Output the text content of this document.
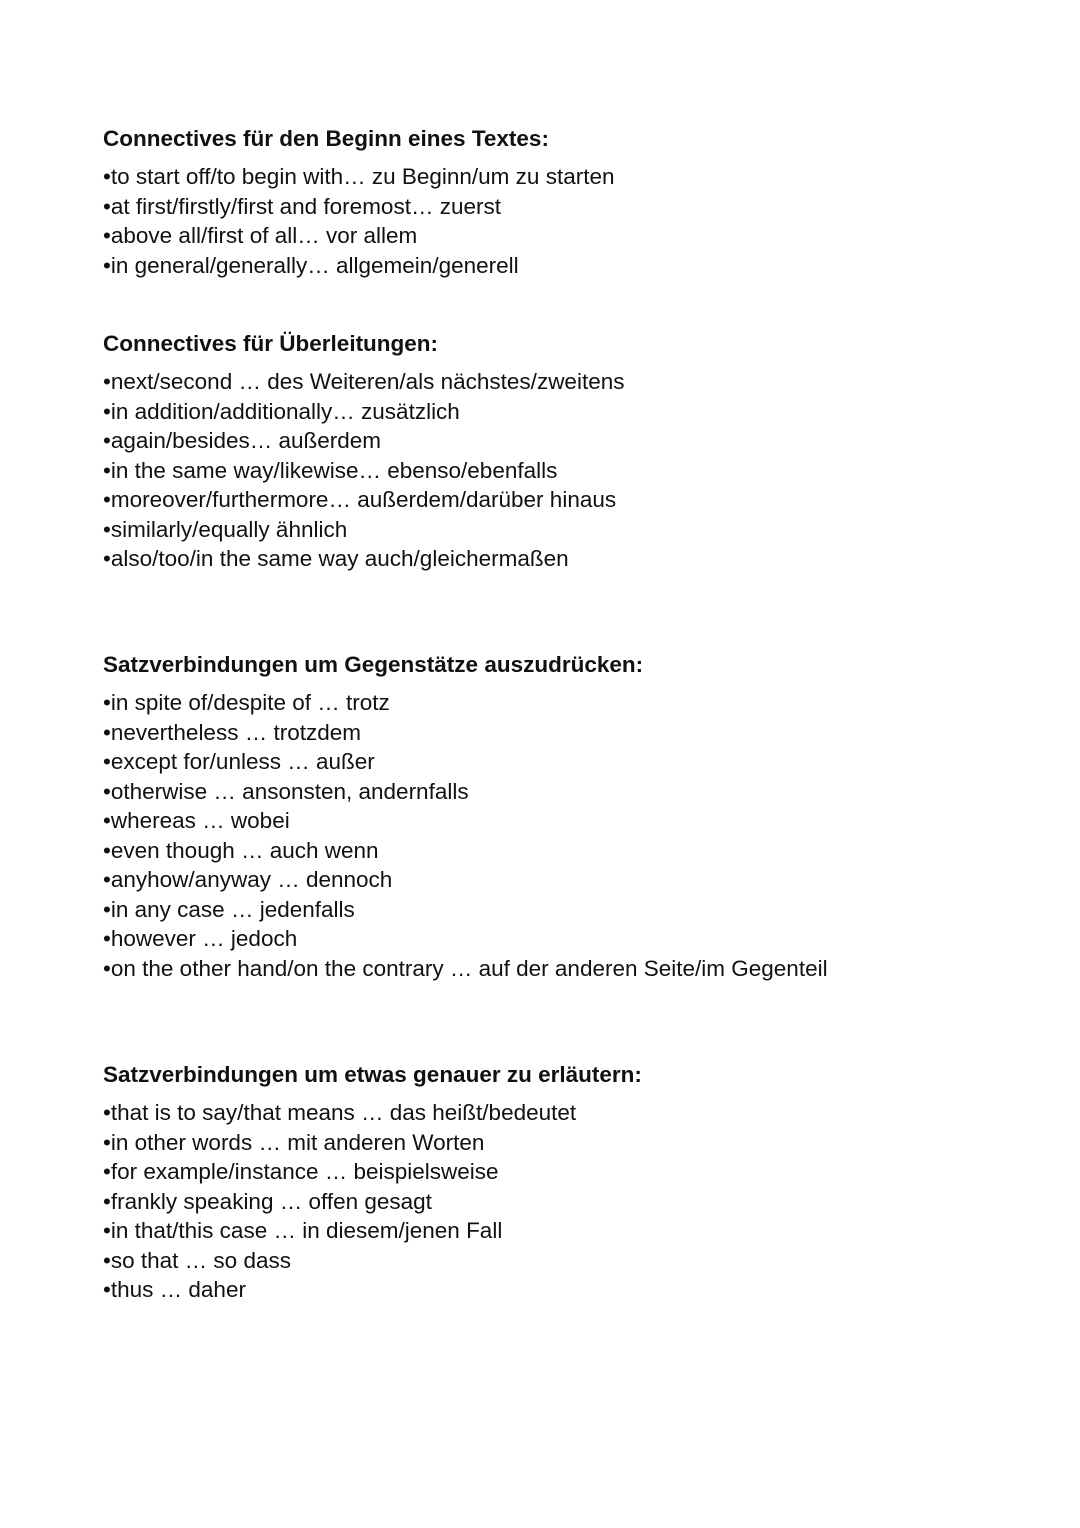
Connectives für den Beginn eines Textes:
•to start off/to begin with… zu Beginn/um zu starten
•at first/firstly/first and foremost… zuerst
•above all/first of all… vor allem
•in general/generally… allgemein/generell
Connectives für Überleitungen:
•next/second … des Weiteren/als nächstes/zweitens
•in addition/additionally… zusätzlich
•again/besides… außerdem
•in the same way/likewise… ebenso/ebenfalls
•moreover/furthermore… außerdem/darüber hinaus
•similarly/equally ähnlich
•also/too/in the same way auch/gleichermaßen
Satzverbindungen um Gegenstätze auszudrücken:
•in spite of/despite of … trotz
•nevertheless … trotzdem
•except for/unless … außer
•otherwise … ansonsten, andernfalls
•whereas … wobei
•even though … auch wenn
•anyhow/anyway … dennoch
•in any case … jedenfalls
•however … jedoch
•on the other hand/on the contrary … auf der anderen Seite/im Gegenteil
Satzverbindungen um etwas genauer zu erläutern:
•that is to say/that means … das heißt/bedeutet
•in other words … mit anderen Worten
•for example/instance … beispielsweise
•frankly speaking … offen gesagt
•in that/this case … in diesem/jenen Fall
•so that … so dass
•thus … daher
